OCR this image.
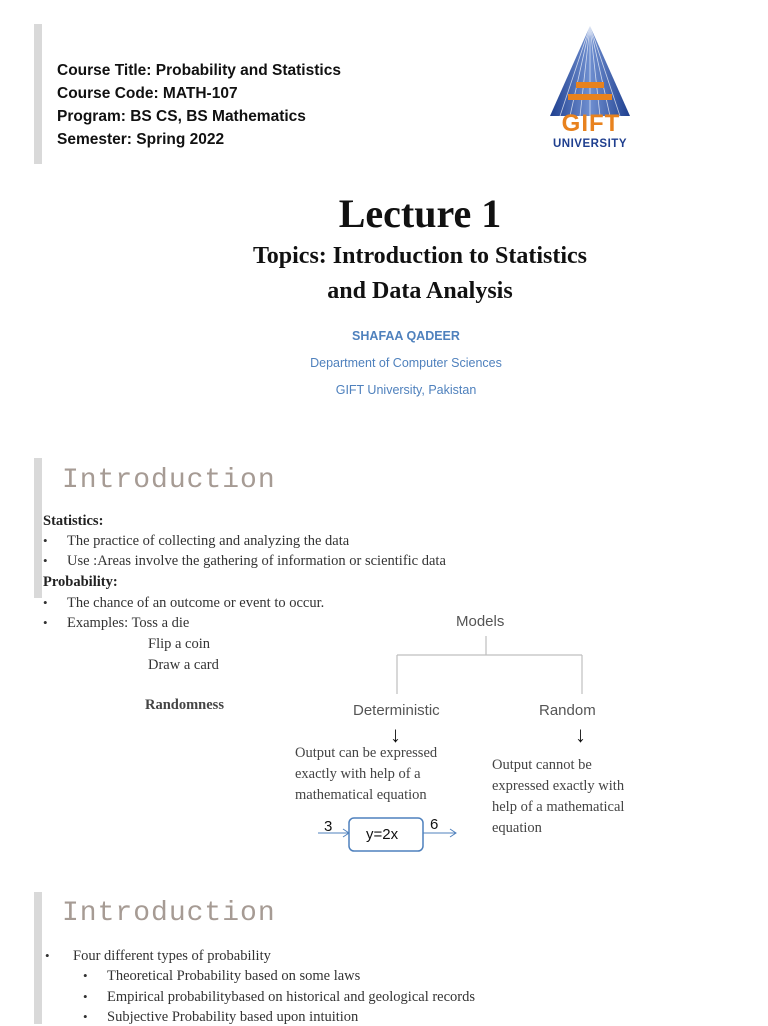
Course Title: Probability and Statistics
Course Code: MATH-107
Program: BS CS, BS Mathematics
Semester: Spring 2022
GIFT
UNIVERSITY
Lecture 1
Topics: Introduction to Statistics
and Data Analysis
SHAFAA QADEER
Department of Computer Sciences
GIFT University, Pakistan
Introduction
Statistics:
• The practice of collecting and analyzing the data
• Use :Areas involve the gathering of information or scientific data
Probability:
• The chance of an outcome or event to occur.
• Examples: Toss a die
Flip a coin
Draw a card
Randomness
Models
Deterministic	Random
↓	↓
Output can be expressed
exactly with help of a
mathematical equation
Output cannot be
expressed exactly with
help of a mathematical
equation
3 y=2x
6
Introduction
• Four different types of probability
• Theoretical Probability based on some laws
• Empirical probabilitybased on historical and geological records
• Subjective Probability based upon intuition
